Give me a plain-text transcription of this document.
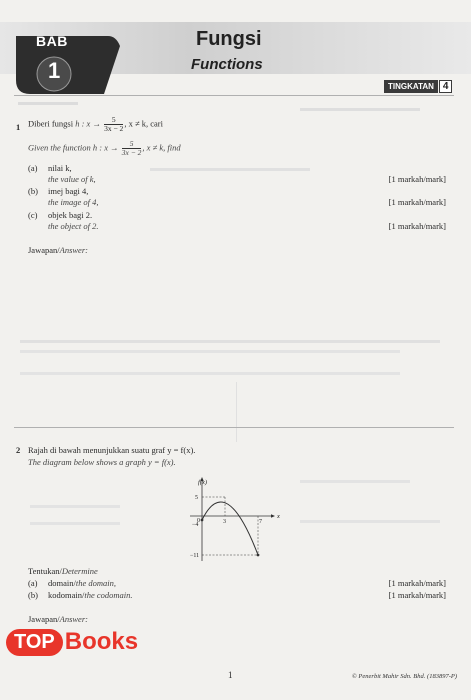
BAB
1
Fungsi
Functions
TINGKATAN 4
1 Diberi fungsi h : $x \to \frac{5}{3x - 2}$ , x ≠ k, cari
Given the function h : $x \to \frac{5}{3x - 2}$ , x ≠ k, find
(a) nilai k,
the value of k,	[1 markah/mark]
(b) imej bagi 4,
the image of 4,	[1 markah/mark]
(c) objek bagi 2.
the object of 2.	[1 markah/mark]
Jawapan/Answer:
2 Rajah di bawah menunjukkan suatu graf y = f(x).
The diagram below shows a graph y = f(x).
f(x)
x
5
−4
−11
0	3	7
Tentukan/Determine
(a) domain/the domain,	[1 markah/mark]
(b) kodomain/the codomain.	[1 markah/mark]
Jawapan/Answer:
TOP Books
1	© Penerbit Mahir Sdn. Bhd. (183897-P)
